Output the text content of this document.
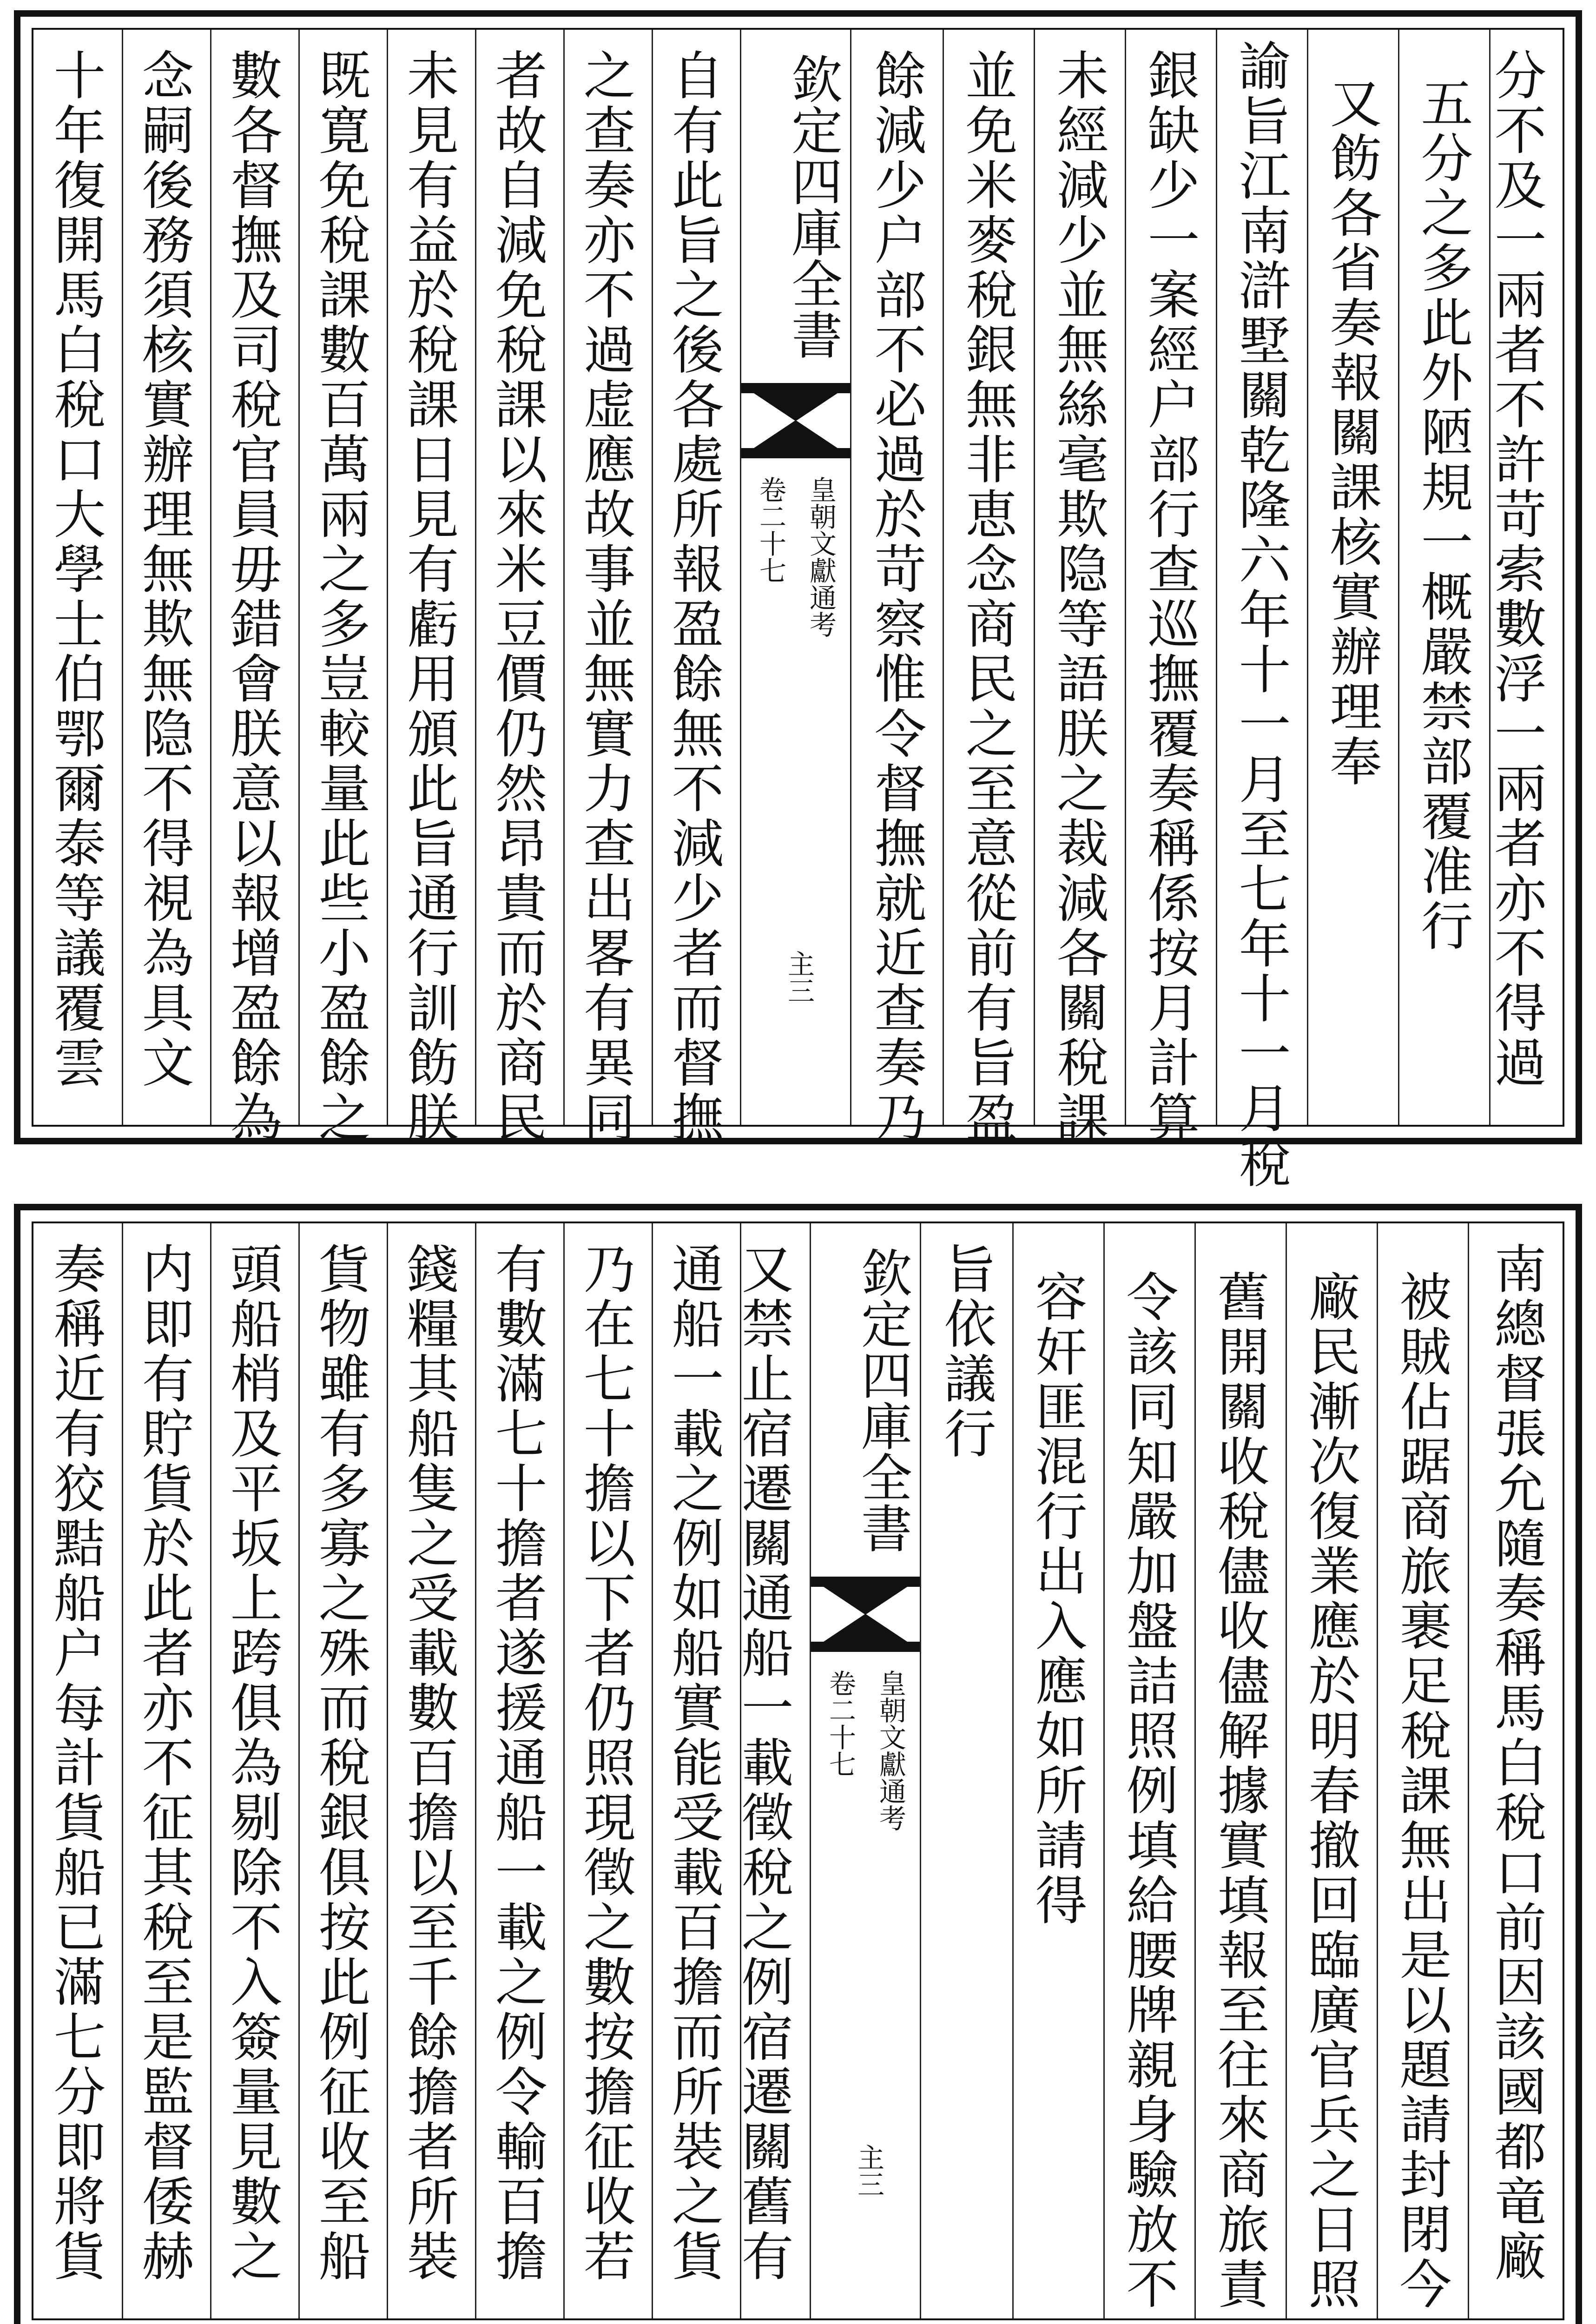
十年復開馬白稅口大學士伯鄂爾泰等議覆雲 念嗣後務須核實辦理無欺無隐不得視為具文 數各督撫及司稅官員毋錯會朕意以報增盈餘為 既寛免稅課數百萬兩之多豈較量此些小盈餘之 未見有益於稅課日見有虧用頒此旨通行訓飭朕 者故自減免稅課以來米豆價仍然昂貴而於商民 之查奏亦不過虚應故事並無實力查出畧有異同 自有此旨之後各處所報盈餘無不減少者而督撫	欽定四庫全書
皇朝文獻通考
卷二十七
主三 餘減少户部不必過於苛察惟令督撫就近查奏乃 並免米麥稅銀無非恵念商民之至意從前有旨盈 未經減少並無絲毫欺隐等語朕之裁減各關稅課 銀缺少一案經户部行查巡撫覆奏稱係按月計算 諭旨江南滸墅關乾隆六年十一月至七年十一月稅 又飭各省奏報關課核實辦理奉 五分之多此外陋規一概嚴禁部覆准行 分不及一兩者不許苛索數浮一兩者亦不得過
奏稱近有狡黠船户每計貨船已滿七分即將貨 内即有貯貨於此者亦不征其稅至是監督倭赫 頭船梢及平坂上跨俱為剔除不入簽量見數之 貨物雖有多寡之殊而稅銀俱按此例征收至船 錢糧其船隻之受載數百擔以至千餘擔者所裝 有數滿七十擔者遂援通船一載之例令輸百擔 乃在七十擔以下者仍照現徵之數按擔征收若 通船一載之例如船實能受載百擔而所裝之貨 又禁止宿遷關通船一載徵稅之例宿遷關舊有	欽定四庫全書
皇朝文獻通考
卷二十七
主三
旨依議行 容奸匪混行出入應如所請得 令該同知嚴加盤詰照例填給腰牌親身驗放不 舊開關收稅儘收儘解據實填報至往來商旅責 廠民漸次復業應於明春撤回臨廣官兵之日照 被賊佔踞商旅裹足稅課無出是以題請封閉今 南總督張允隨奏稱馬白稅口前因該國都竜廠
